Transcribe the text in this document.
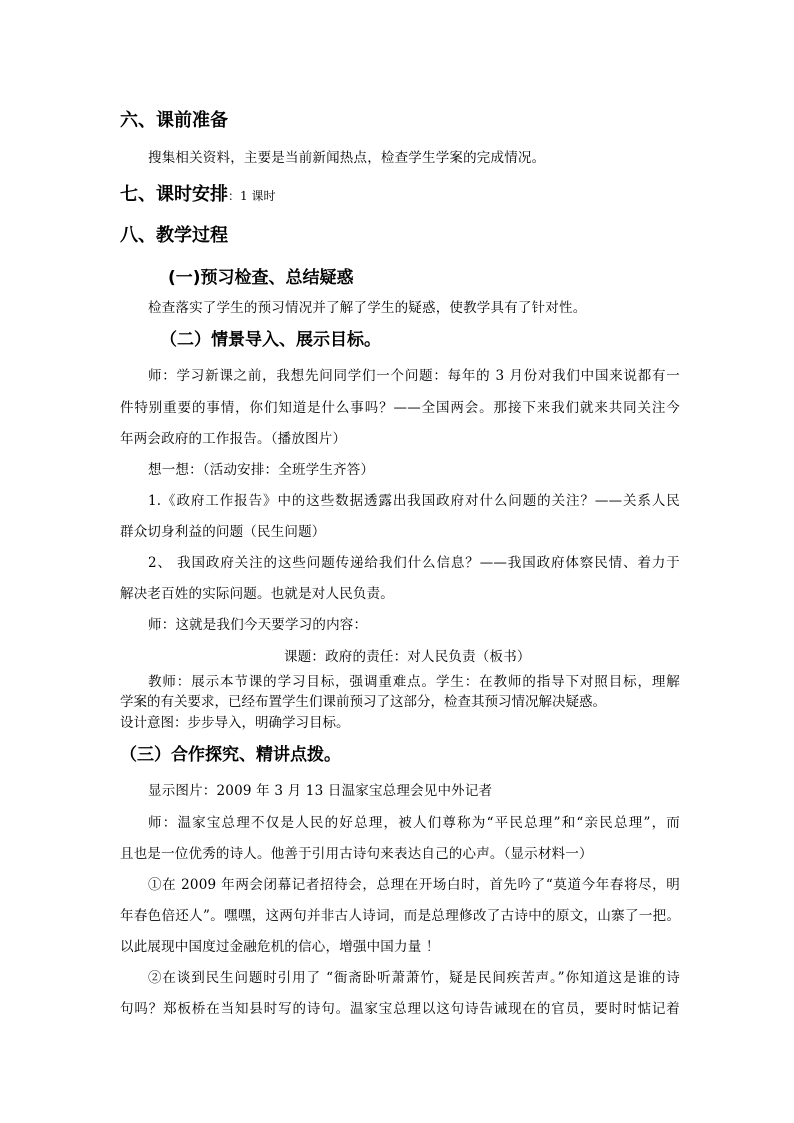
六、课前准备
搜集相关资料，主要是当前新闻热点，检查学生学案的完成情况。
七、课时安排：1 课时
八、教学过程
(一)预习检查、总结疑惑
检查落实了学生的预习情况并了解了学生的疑惑，使教学具有了针对性。
（二）情景导入、展示目标。
师：学习新课之前，我想先问同学们一个问题：每年的 3 月份对我们中国来说都有一
件特别重要的事情，你们知道是什么事吗？——全国两会。那接下来我们就来共同关注今
年两会政府的工作报告。（播放图片）
想一想：（活动安排：全班学生齐答）
1.《政府工作报告》中的这些数据透露出我国政府对什么问题的关注？——关系人民
群众切身利益的问题（民生问题）
2、 我国政府关注的这些问题传递给我们什么信息？——我国政府体察民情、着力于
解决老百姓的实际问题。也就是对人民负责。
师：这就是我们今天要学习的内容：
课题：政府的责任：对人民负责（板书）
教师：展示本节课的学习目标，强调重难点。学生：在教师的指导下对照目标，理解
学案的有关要求，已经布置学生们课前预习了这部分，检查其预习情况解决疑惑。
设计意图：步步导入，明确学习目标。
（三）合作探究、精讲点拨。
显示图片：2009 年 3 月 13 日温家宝总理会见中外记者
师：温家宝总理不仅是人民的好总理，被人们尊称为“平民总理”和“亲民总理”，而
且也是一位优秀的诗人。他善于引用古诗句来表达自己的心声。（显示材料一）
①在 2009 年两会闭幕记者招待会，总理在开场白时，首先吟了“莫道今年春将尽，明
年春色倍还人”。嘿嘿，这两句并非古人诗词，而是总理修改了古诗中的原文，山寨了一把。
以此展现中国度过金融危机的信心，增强中国力量 ！
②在谈到民生问题时引用了 “衙斋卧听萧萧竹，疑是民间疾苦声。”你知道这是谁的诗
句吗？郑板桥在当知县时写的诗句。温家宝总理以这句诗告诫现在的官员，要时时惦记着
